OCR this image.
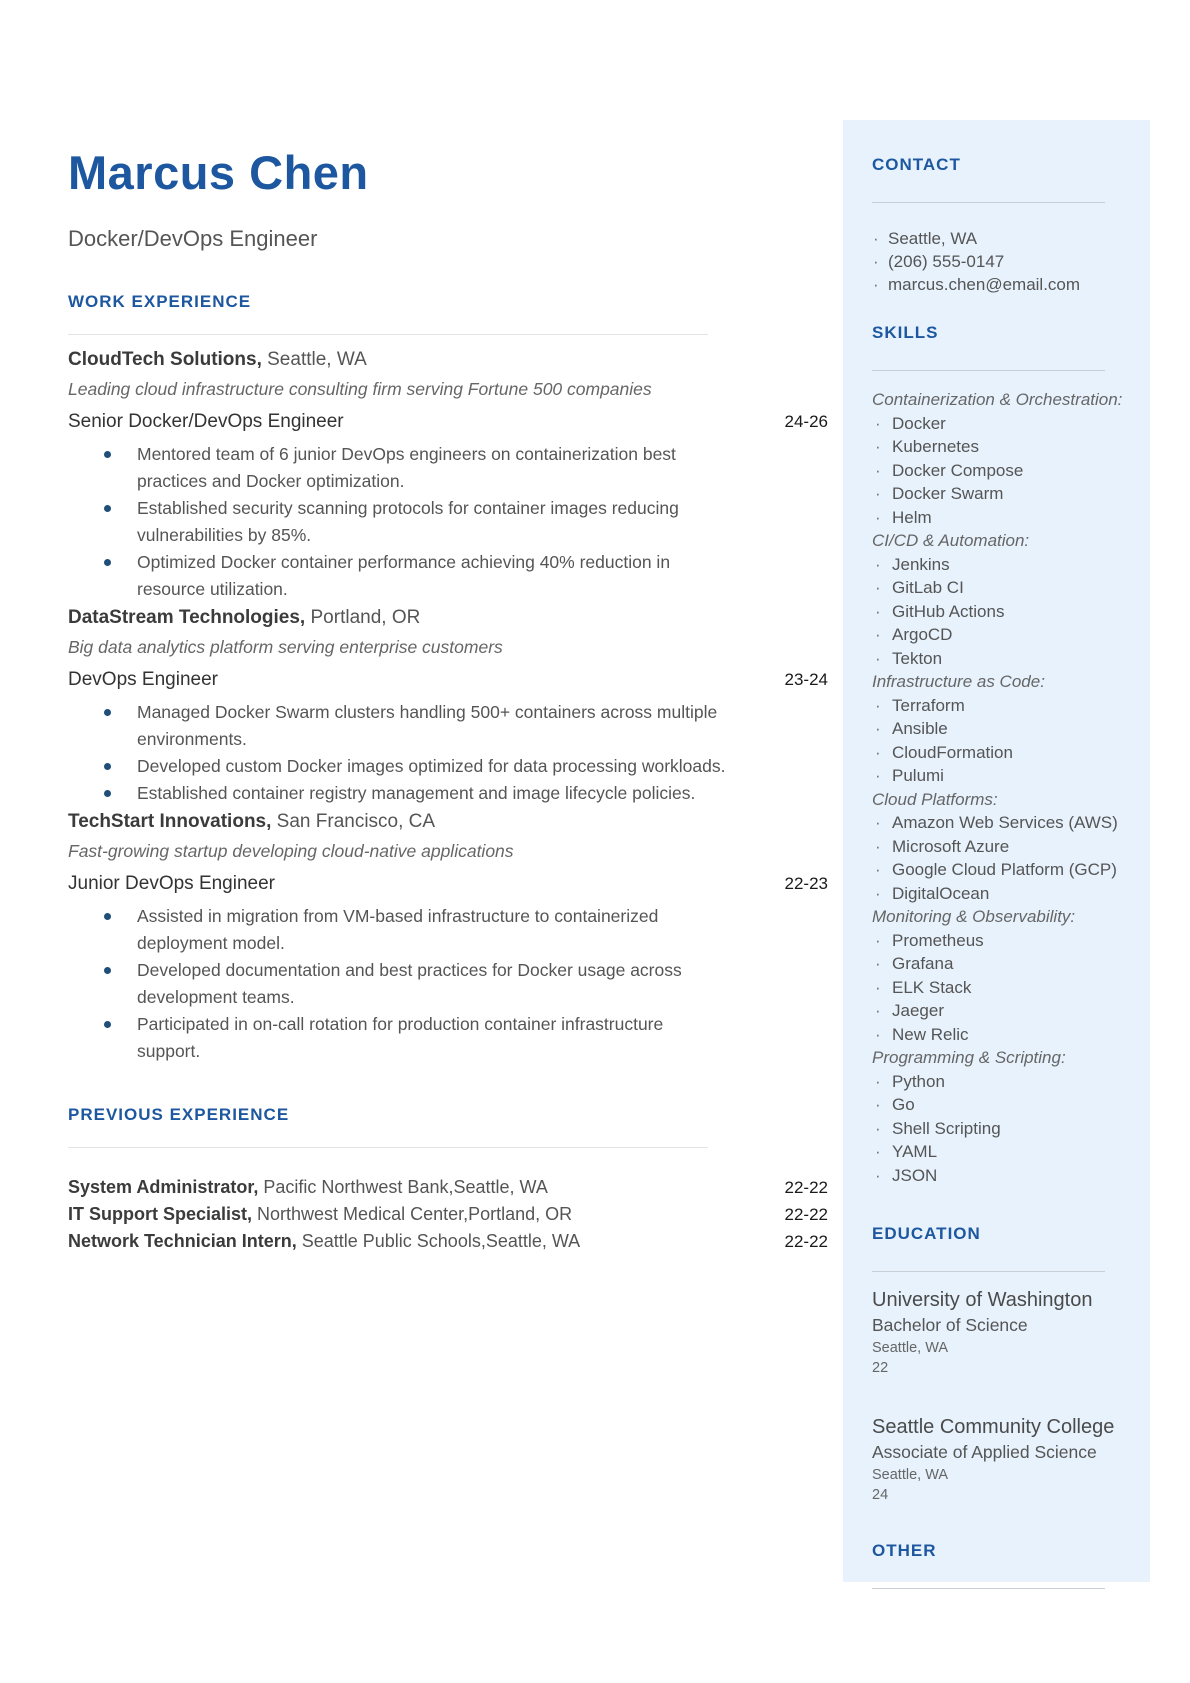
Marcus Chen
Docker/DevOps Engineer
WORK EXPERIENCE
CloudTech Solutions, Seattle, WA
Leading cloud infrastructure consulting firm serving Fortune 500 companies
Senior Docker/DevOps Engineer	24-26
Mentored team of 6 junior DevOps engineers on containerization best practices and Docker optimization.
Established security scanning protocols for container images reducing vulnerabilities by 85%.
Optimized Docker container performance achieving 40% reduction in resource utilization.
DataStream Technologies, Portland, OR
Big data analytics platform serving enterprise customers
DevOps Engineer	23-24
Managed Docker Swarm clusters handling 500+ containers across multiple environments.
Developed custom Docker images optimized for data processing workloads.
Established container registry management and image lifecycle policies.
TechStart Innovations, San Francisco, CA
Fast-growing startup developing cloud-native applications
Junior DevOps Engineer	22-23
Assisted in migration from VM-based infrastructure to containerized deployment model.
Developed documentation and best practices for Docker usage across development teams.
Participated in on-call rotation for production container infrastructure support.
PREVIOUS EXPERIENCE
System Administrator, Pacific Northwest Bank,Seattle, WA	22-22
IT Support Specialist, Northwest Medical Center,Portland, OR	22-22
Network Technician Intern, Seattle Public Schools,Seattle, WA	22-22
CONTACT
· Seattle, WA
· (206) 555-0147
· marcus.chen@email.com
SKILLS
Containerization & Orchestration:
· Docker
· Kubernetes
· Docker Compose
· Docker Swarm
· Helm
CI/CD & Automation:
· Jenkins
· GitLab CI
· GitHub Actions
· ArgoCD
· Tekton
Infrastructure as Code:
· Terraform
· Ansible
· CloudFormation
· Pulumi
Cloud Platforms:
· Amazon Web Services (AWS)
· Microsoft Azure
· Google Cloud Platform (GCP)
· DigitalOcean
Monitoring & Observability:
· Prometheus
· Grafana
· ELK Stack
· Jaeger
· New Relic
Programming & Scripting:
· Python
· Go
· Shell Scripting
· YAML
· JSON
EDUCATION
University of Washington
Bachelor of Science
Seattle, WA
22
Seattle Community College
Associate of Applied Science
Seattle, WA
24
OTHER
